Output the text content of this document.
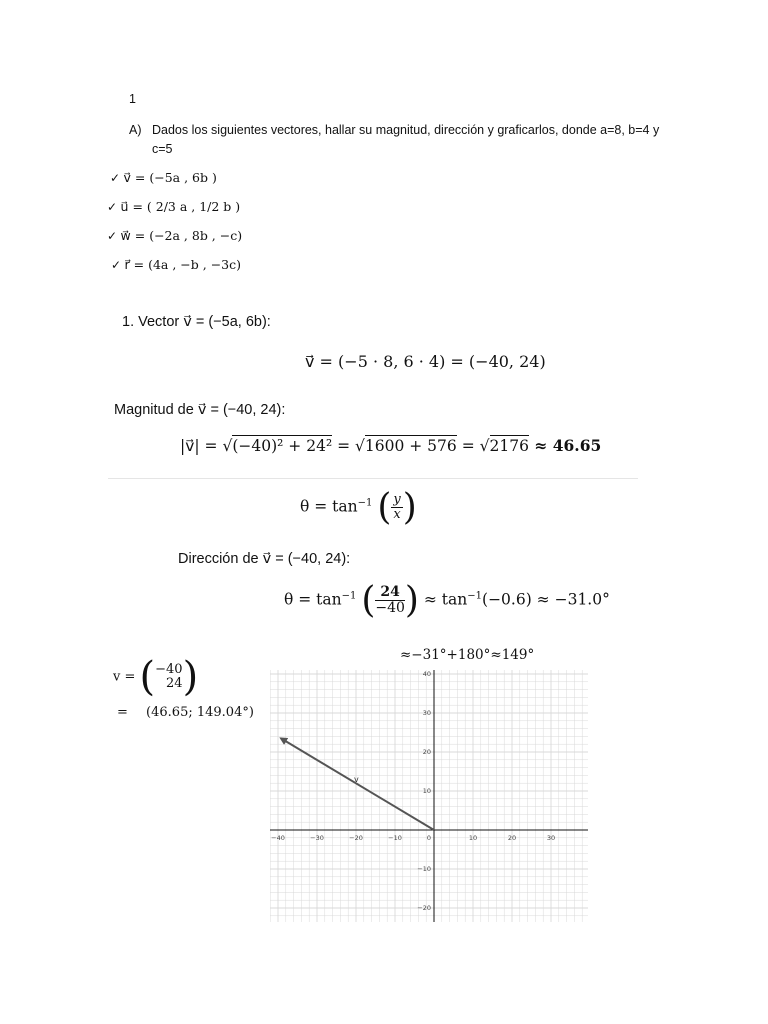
1
A) Dados los siguientes vectores, hallar su magnitud, dirección y graficarlos, donde a=8, b=4 y
c=5
✓ v⃗ = (−5a , 6b )
✓ u⃗ = ( 2/3 a , 1/2 b )
✓ w⃗ = (−2a , 8b , −c)
✓ r⃗ = (4a , −b , −3c)
1. Vector v⃗ = (−5a, 6b):
v⃗ = (−5 · 8, 6 · 4) = (−40, 24)
Magnitud de v⃗ = (−40, 24):
|v⃗| = √(−40)² + 24² = √1600 + 576 = √2176 ≈ 46.65
$\theta = \tan^{-1}$ ( $\frac{y}{x}$ )
Dirección de v⃗ = (−40, 24):
$\theta = \tan^{-1}$ ( $\frac{24}{-40}$ ) ≈ $\tan^{-1}(-0.6) \approx -31.0^\circ$
≈−31°+180°≈149°
v = ( −40
24 )
= (46.65; 149.04°)
−40	−30	−20	−10	0	10	20	30
40
30
20
10
−10
−20
v
